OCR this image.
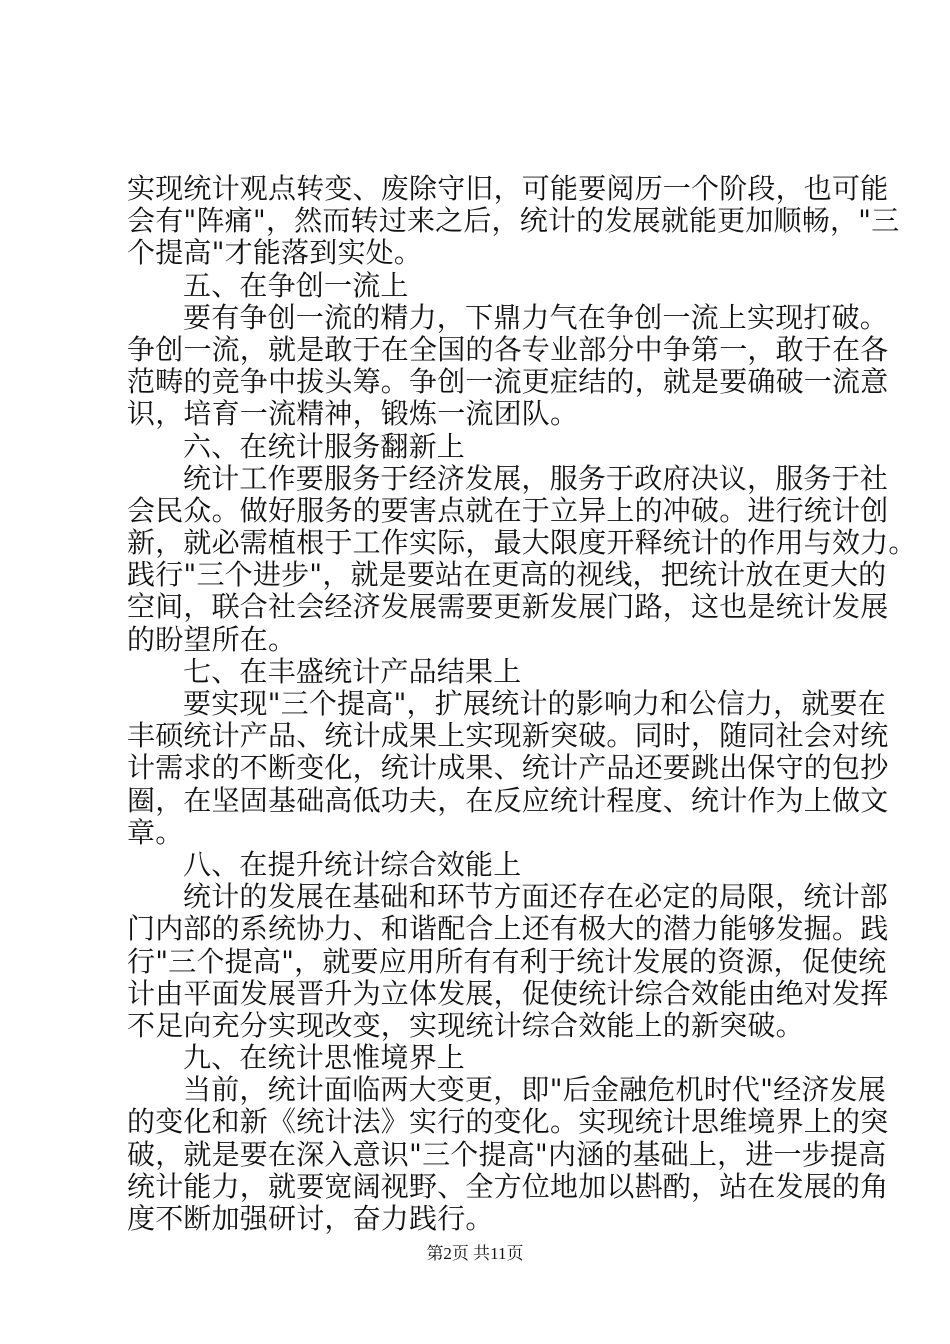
实现统计观点转变、废除守旧，可能要阅历一个阶段，也可能
会有"阵痛"，然而转过来之后，统计的发展就能更加顺畅，"三
个提高"才能落到实处。
五、在争创一流上
要有争创一流的精力，下鼎力气在争创一流上实现打破。
争创一流，就是敢于在全国的各专业部分中争第一，敢于在各
范畴的竞争中拔头筹。争创一流更症结的，就是要确破一流意
识，培育一流精神，锻炼一流团队。
六、在统计服务翻新上
统计工作要服务于经济发展，服务于政府决议，服务于社
会民众。做好服务的要害点就在于立异上的冲破。进行统计创
新，就必需植根于工作实际，最大限度开释统计的作用与效力。
践行"三个进步"，就是要站在更高的视线，把统计放在更大的
空间，联合社会经济发展需要更新发展门路，这也是统计发展
的盼望所在。
七、在丰盛统计产品结果上
要实现"三个提高"，扩展统计的影响力和公信力，就要在
丰硕统计产品、统计成果上实现新突破。同时，随同社会对统
计需求的不断变化，统计成果、统计产品还要跳出保守的包抄
圈，在坚固基础高低功夫，在反应统计程度、统计作为上做文
章。
八、在提升统计综合效能上
统计的发展在基础和环节方面还存在必定的局限，统计部
门内部的系统协力、和谐配合上还有极大的潜力能够发掘。践
行"三个提高"，就要应用所有有利于统计发展的资源，促使统
计由平面发展晋升为立体发展，促使统计综合效能由绝对发挥
不足向充分实现改变，实现统计综合效能上的新突破。
九、在统计思惟境界上
当前，统计面临两大变更，即"后金融危机时代"经济发展
的变化和新《统计法》实行的变化。实现统计思维境界上的突
破，就是要在深入意识"三个提高"内涵的基础上，进一步提高
统计能力，就要宽阔视野、全方位地加以斟酌，站在发展的角
度不断加强研讨，奋力践行。
第2页 共11页
